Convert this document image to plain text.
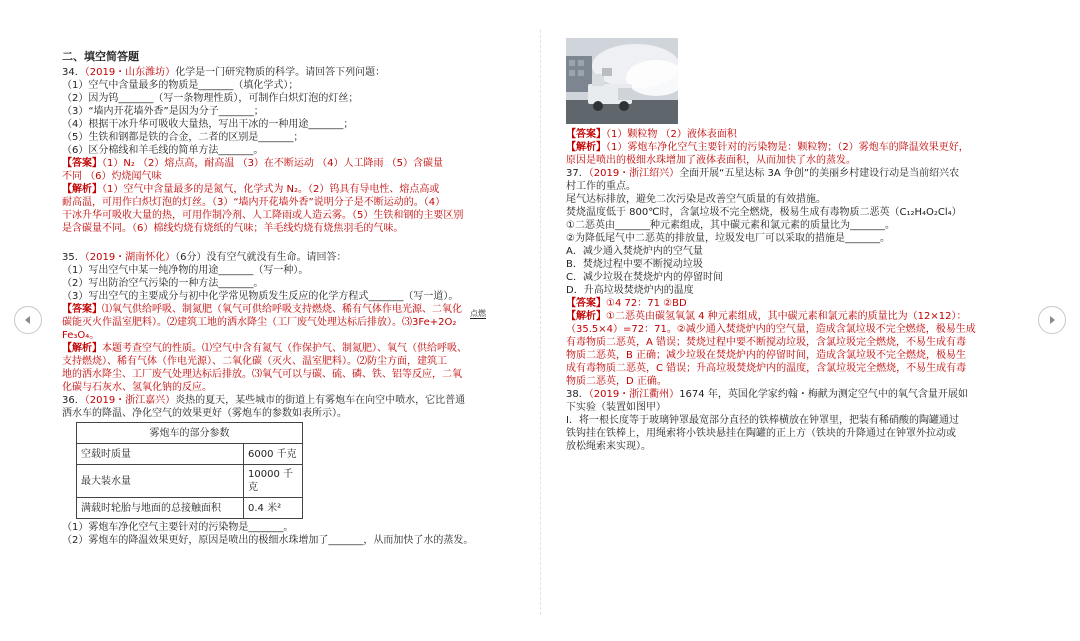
二、填空简答题
34．（2019・山东潍坊）化学是一门研究物质的科学。请回答下列问题：
（1）空气中含量最多的物质是_______（填化学式）；
（2）因为钨_______（写一条物理性质），可制作白炽灯泡的灯丝；
（3）“墙内开花墙外香”是因为分子_______；
（4）根据干冰升华可吸收大量热，写出干冰的一种用途_______；
（5）生铁和钢都是铁的合金，二者的区别是_______；
（6）区分棉线和羊毛线的简单方法_______。
【答案】（1）N₂ （2）熔点高，耐高温 （3）在不断运动 （4）人工降雨 （5）含碳量
不同 （6）灼烧闻气味
【解析】（1）空气中含量最多的是氮气，化学式为 N₂。（2）钨具有导电性、熔点高或
耐高温，可用作白炽灯泡的灯丝。（3）“墙内开花墙外香”说明分子是不断运动的。（4）
干冰升华可吸收大量的热，可用作制冷剂、人工降雨或人造云雾。（5）生铁和钢的主要区别
是含碳量不同。（6）棉线灼烧有烧纸的气味；羊毛线灼烧有烧焦羽毛的气味。
35．（2019・湖南怀化）（6分）没有空气就没有生命。请回答：
（1）写出空气中某一纯净物的用途_______（写一种）。
（2）写出防治空气污染的一种方法_______。
（3）写出空气的主要成分与初中化学常见物质发生反应的化学方程式_______（写一道）。
【答案】⑴氧气供给呼吸、制氮肥（氧气可供给呼吸支持燃烧、稀有气体作电光源、二氧化
碳能灭火作温室肥料）。⑵建筑工地的洒水降尘（工厂废气处理达标后排放）。⑶3Fe+2O₂
点燃
Fe₃O₄。
【解析】本题考查空气的性质。⑴空气中含有氮气（作保护气、制氮肥）、氧气（供给呼吸、
支持燃烧）、稀有气体（作电光源）、二氧化碳（灭火、温室肥料）。⑵防尘方面，建筑工
地的洒水降尘、工厂废气处理达标后排放。⑶氧气可以与碳、硫、磷、铁、铝等反应，二氧
化碳与石灰水、氢氧化钠的反应。
36．（2019・浙江嘉兴）炎热的夏天，某些城市的街道上有雾炮车在向空中喷水，它比普通
洒水车的降温、净化空气的效果更好（雾炮车的参数如表所示）。
雾炮车的部分参数	
空载时质量	6000 千克
最大装水量	10000 千克
满载时轮胎与地面的总接触面积	0.4 米²
（1）雾炮车净化空气主要针对的污染物是_______。
（2）雾炮车的降温效果更好，原因是喷出的极细水珠增加了_______，从而加快了水的蒸发。
【答案】（1）颗粒物 （2）液体表面积
【解析】（1）雾炮车净化空气主要针对的污染物是：颗粒物；（2）雾炮车的降温效果更好，
原因是喷出的极细水珠增加了液体表面积，从而加快了水的蒸发。
37．（2019・浙江绍兴）全面开展“五星达标 3A 争创”的美丽乡村建设行动是当前绍兴农
村工作的重点。
尾气达标排放，避免二次污染是改善空气质量的有效措施。
焚烧温度低于 800℃时，含氯垃圾不完全燃烧，极易生成有毒物质二恶英（C₁₂H₄O₂Cl₄）
①二恶英由_______种元素组成，其中碳元素和氯元素的质量比为_______。
②为降低尾气中二恶英的排放量，垃圾发电厂可以采取的措施是_______。
A．减少通入焚烧炉内的空气量
B．焚烧过程中要不断搅动垃圾
C．减少垃圾在焚烧炉内的停留时间
D．升高垃圾焚烧炉内的温度
【答案】①4 72：71 ②BD
【解析】①二恶英由碳氢氧氯 4 种元素组成，其中碳元素和氯元素的质量比为（12×12）：
（35.5×4）=72：71。②减少通入焚烧炉内的空气量，造成含氯垃圾不完全燃烧，极易生成
有毒物质二恶英，A 错误；焚烧过程中要不断搅动垃圾，含氯垃圾完全燃烧，不易生成有毒
物质二恶英，B 正确；减少垃圾在焚烧炉内的停留时间，造成含氯垃圾不完全燃烧，极易生
成有毒物质二恶英，C 错误；升高垃圾焚烧炉内的温度，含氯垃圾完全燃烧，不易生成有毒
物质二恶英，D 正确。
38．（2019・浙江衢州）1674 年，英国化学家约翰・梅献为测定空气中的氧气含量开展如
下实验（装置如图甲）
I．将一根长度等于玻璃钟罩最宽部分直径的铁棒横放在钟罩里，把装有稀硝酸的陶罐通过
铁钩挂在铁棒上，用绳索将小铁块悬挂在陶罐的正上方（铁块的升降通过在钟罩外拉动或
放松绳索来实现）。
